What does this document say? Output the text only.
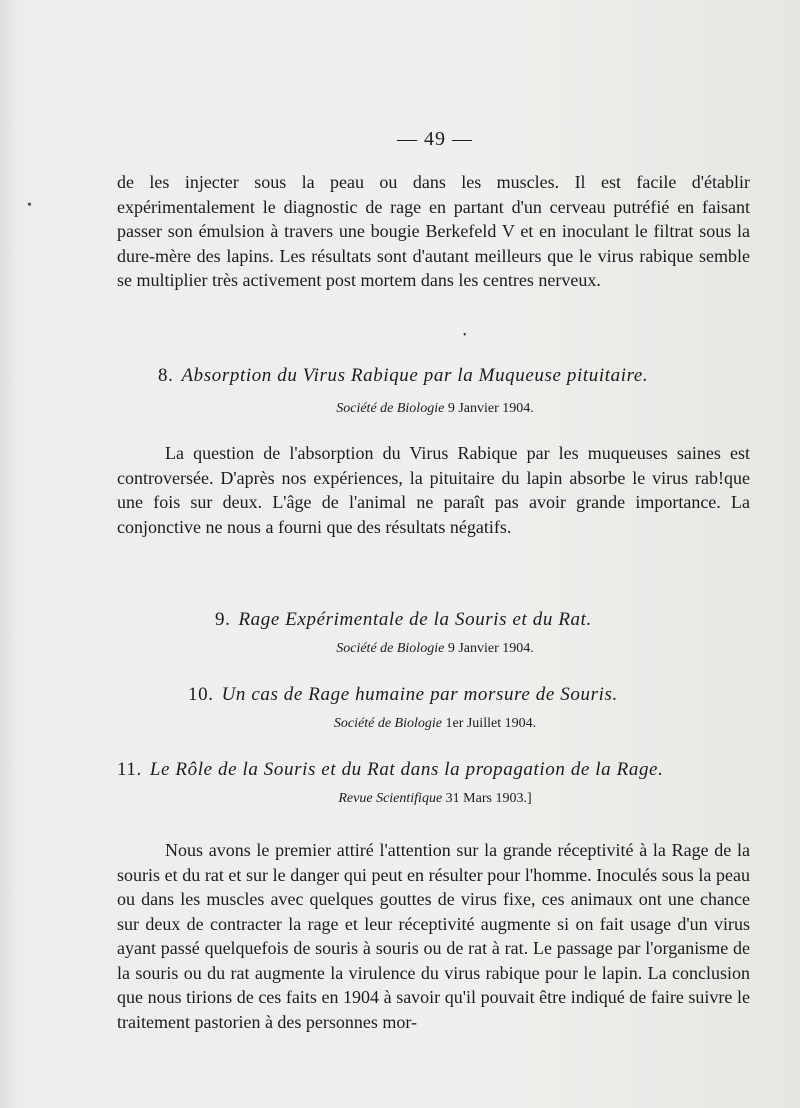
— 49 —
•

de les injecter sous la peau ou dans les muscles. Il est facile d'établir expérimentalement le diagnostic de rage en partant d'un cerveau putréfié en faisant passer son émulsion à travers une bougie Berkefeld V et en inoculant le filtrat sous la dure-mère des lapins. Les résultats sont d'autant meilleurs que le virus rabique semble se multiplier très activement post mortem dans les centres nerveux.

•
8. Absorption du Virus Rabique par la Muqueuse pituitaire.
Société de Biologie 9 Janvier 1904.

La question de l'absorption du Virus Rabique par les muqueuses saines est controversée. D'après nos expériences, la pituitaire du lapin absorbe le virus rab!que une fois sur deux. L'âge de l'animal ne paraît pas avoir grande importance. La conjonctive ne nous a fourni que des résultats négatifs.

9. Rage Expérimentale de la Souris et du Rat.
Société de Biologie 9 Janvier 1904.
10. Un cas de Rage humaine par morsure de Souris.
Société de Biologie 1er Juillet 1904.
11. Le Rôle de la Souris et du Rat dans la propagation de la Rage.
Revue Scientifique 31 Mars 1903.]

Nous avons le premier attiré l'attention sur la grande réceptivité à la Rage de la souris et du rat et sur le danger qui peut en résulter pour l'homme. Inoculés sous la peau ou dans les muscles avec quelques gouttes de virus fixe, ces animaux ont une chance sur deux de contracter la rage et leur réceptivité augmente si on fait usage d'un virus ayant passé quelquefois de souris à souris ou de rat à rat. Le passage par l'organisme de la souris ou du rat augmente la virulence du virus rabique pour le lapin. La conclusion que nous tirions de ces faits en 1904 à savoir qu'il pouvait être indiqué de faire suivre le traitement pastorien à des personnes mor-
